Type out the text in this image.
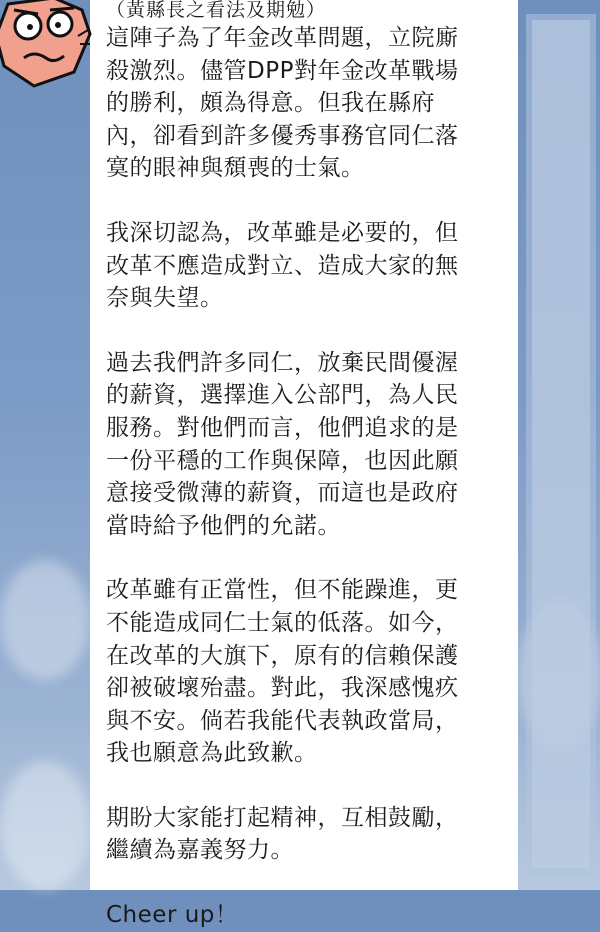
（黃縣長之看法及期勉）

這陣子為了年金改革問題，立院廝

殺激烈。儘管DPP對年金改革戰場

的勝利，頗為得意。但我在縣府

內，卻看到許多優秀事務官同仁落

寞的眼神與頹喪的士氣。

我深切認為，改革雖是必要的，但

改革不應造成對立、造成大家的無

奈與失望。

過去我們許多同仁，放棄民間優渥

的薪資，選擇進入公部門，為人民

服務。對他們而言，他們追求的是

一份平穩的工作與保障，也因此願

意接受微薄的薪資，而這也是政府

當時給予他們的允諾。

改革雖有正當性，但不能躁進，更

不能造成同仁士氣的低落。如今，

在改革的大旗下，原有的信賴保護

卻被破壞殆盡。對此，我深感愧疚

與不安。倘若我能代表執政當局，

我也願意為此致歉。

期盼大家能打起精神，互相鼓勵，

繼續為嘉義努力。

Cheer up！
